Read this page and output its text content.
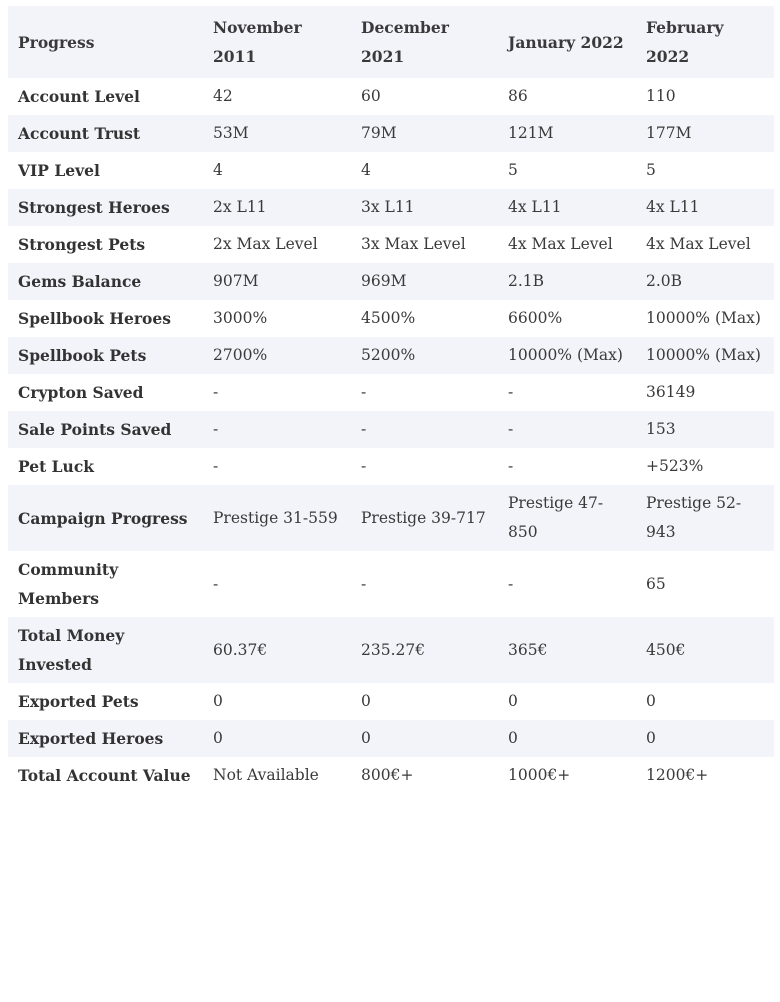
Progress	November 2011	December 2021	January 2022	February 2022
Account Level	42	60	86	110
Account Trust	53M	79M	121M	177M
VIP Level	4	4	5	5
Strongest Heroes	2x L11	3x L11	4x L11	4x L11
Strongest Pets	2x Max Level	3x Max Level	4x Max Level	4x Max Level
Gems Balance	907M	969M	2.1B	2.0B
Spellbook Heroes	3000%	4500%	6600%	10000% (Max)
Spellbook Pets	2700%	5200%	10000% (Max)	10000% (Max)
Crypton Saved	-	-	-	36149
Sale Points Saved	-	-	-	153
Pet Luck	-	-	-	+523%
Campaign Progress	Prestige 31-559	Prestige 39-717	Prestige 47-850	Prestige 52-943
Community Members	-	-	-	65
Total Money Invested	60.37€	235.27€	365€	450€
Exported Pets	0	0	0	0
Exported Heroes	0	0	0	0
Total Account Value	Not Available	800€+	1000€+	1200€+
